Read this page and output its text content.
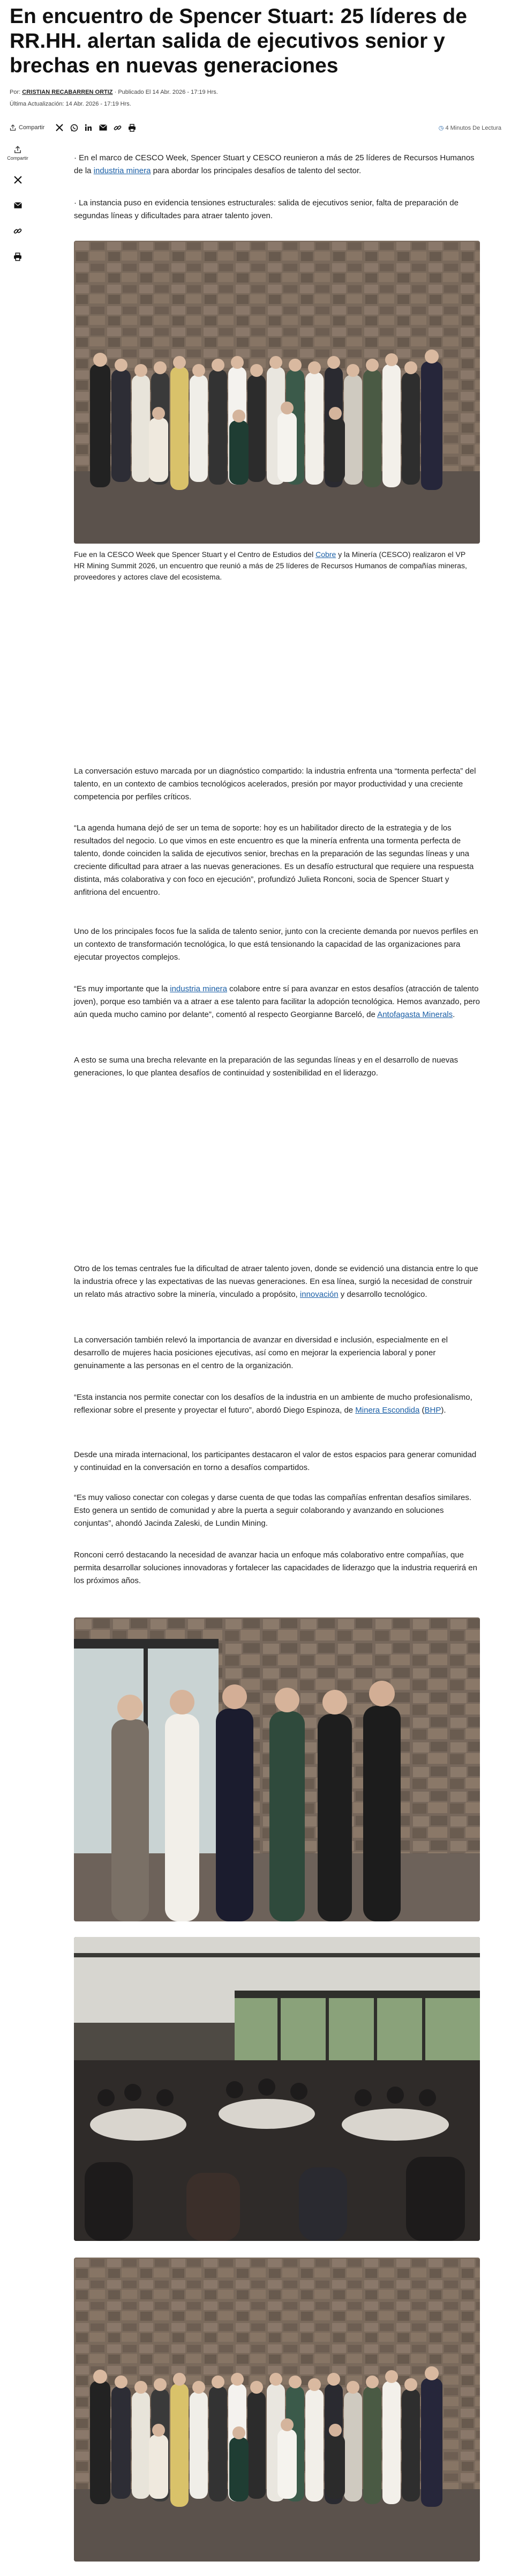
En encuentro de Spencer Stuart: 25 líderes de RR.HH. alertan salida de ejecutivos senior y brechas en nuevas generaciones
Por: CRISTIAN RECABARREN ORTIZ · Publicado El 14 Abr. 2026 - 17:19 Hrs.
Última Actualización: 14 Abr. 2026 - 17:19 Hrs.
Compartir	◷ 4 Minutos De Lectura
Compartir	· En el marco de CESCO Week, Spencer Stuart y CESCO reunieron a más de 25 líderes de Recursos Humanos de la industria minera para abordar los principales desafíos de talento del sector.

· La instancia puso en evidencia tensiones estructurales: salida de ejecutivos senior, falta de preparación de segundas líneas y dificultades para atraer talento joven.

Fue en la CESCO Week que Spencer Stuart y el Centro de Estudios del Cobre y la Minería (CESCO) realizaron el VP HR Mining Summit 2026, un encuentro que reunió a más de 25 líderes de Recursos Humanos de compañías mineras, proveedores y actores clave del ecosistema.

La conversación estuvo marcada por un diagnóstico compartido: la industria enfrenta una “tormenta perfecta” del talento, en un contexto de cambios tecnológicos acelerados, presión por mayor productividad y una creciente competencia por perfiles críticos.

“La agenda humana dejó de ser un tema de soporte: hoy es un habilitador directo de la estrategia y de los resultados del negocio. Lo que vimos en este encuentro es que la minería enfrenta una tormenta perfecta de talento, donde coinciden la salida de ejecutivos senior, brechas en la preparación de las segundas líneas y una creciente dificultad para atraer a las nuevas generaciones. Es un desafío estructural que requiere una respuesta distinta, más colaborativa y con foco en ejecución”, profundizó Julieta Ronconi, socia de Spencer Stuart y anfitriona del encuentro.

Uno de los principales focos fue la salida de talento senior, junto con la creciente demanda por nuevos perfiles en un contexto de transformación tecnológica, lo que está tensionando la capacidad de las organizaciones para ejecutar proyectos complejos.

“Es muy importante que la industria minera colabore entre sí para avanzar en estos desafíos (atracción de talento joven), porque eso también va a atraer a ese talento para facilitar la adopción tecnológica. Hemos avanzado, pero aún queda mucho camino por delante”, comentó al respecto Georgianne Barceló, de Antofagasta Minerals.

A esto se suma una brecha relevante en la preparación de las segundas líneas y en el desarrollo de nuevas generaciones, lo que plantea desafíos de continuidad y sostenibilidad en el liderazgo.

Otro de los temas centrales fue la dificultad de atraer talento joven, donde se evidenció una distancia entre lo que la industria ofrece y las expectativas de las nuevas generaciones. En esa línea, surgió la necesidad de construir un relato más atractivo sobre la minería, vinculado a propósito, innovación y desarrollo tecnológico.

La conversación también relevó la importancia de avanzar en diversidad e inclusión, especialmente en el desarrollo de mujeres hacia posiciones ejecutivas, así como en mejorar la experiencia laboral y poner genuinamente a las personas en el centro de la organización.

“Esta instancia nos permite conectar con los desafíos de la industria en un ambiente de mucho profesionalismo, reflexionar sobre el presente y proyectar el futuro”, abordó Diego Espinoza, de Minera Escondida (BHP).

Desde una mirada internacional, los participantes destacaron el valor de estos espacios para generar comunidad y continuidad en la conversación en torno a desafíos compartidos.

“Es muy valioso conectar con colegas y darse cuenta de que todas las compañías enfrentan desafíos similares. Esto genera un sentido de comunidad y abre la puerta a seguir colaborando y avanzando en soluciones conjuntas”, ahondó Jacinda Zaleski, de Lundin Mining.

Ronconi cerró destacando la necesidad de avanzar hacia un enfoque más colaborativo entre compañías, que permita desarrollar soluciones innovadoras y fortalecer las capacidades de liderazgo que la industria requerirá en los próximos años.
